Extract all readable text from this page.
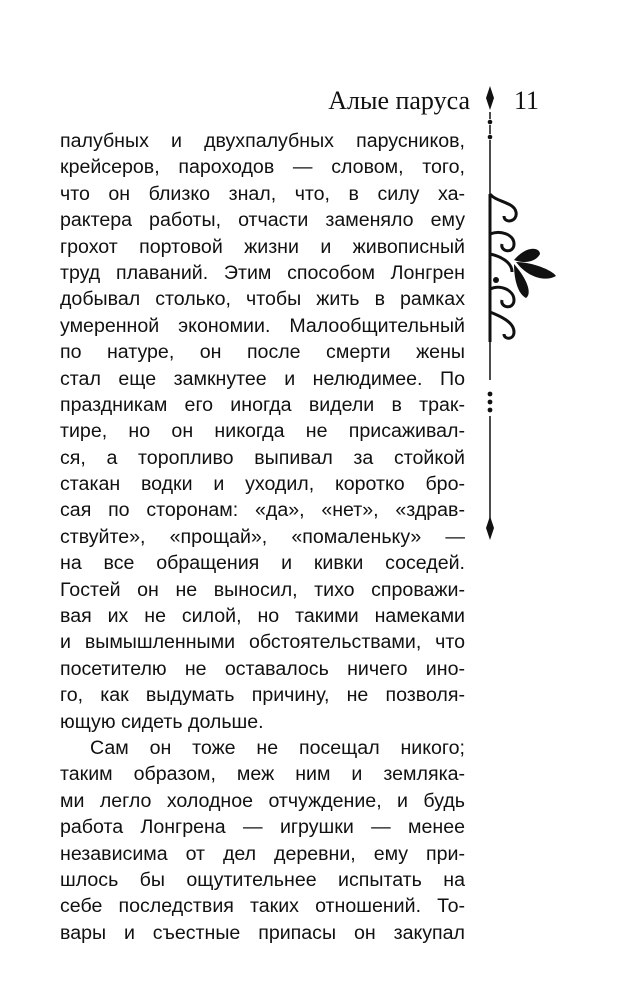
Алые паруса 11
палубных и двухпалубных парусников,
крейсеров, пароходов — словом, того,
что он близко знал, что, в силу ха-
рактера работы, отчасти заменяло ему
грохот портовой жизни и живописный
труд плаваний. Этим способом Лонгрен
добывал столько, чтобы жить в рамках
умеренной экономии. Малообщительный
по натуре, он после смерти жены
стал еще замкнутее и нелюдимее. По
праздникам его иногда видели в трак-
тире, но он никогда не присаживал-
ся, а торопливо выпивал за стойкой
стакан водки и уходил, коротко бро-
сая по сторонам: «да», «нет», «здрав-
ствуйте», «прощай», «помаленьку» —
на все обращения и кивки соседей.
Гостей он не выносил, тихо спроважи-
вая их не силой, но такими намеками
и вымышленными обстоятельствами, что
посетителю не оставалось ничего ино-
го, как выдумать причину, не позволя-
ющую сидеть дольше.
Сам он тоже не посещал никого;
таким образом, меж ним и земляка-
ми легло холодное отчуждение, и будь
работа Лонгрена — игрушки — менее
независима от дел деревни, ему при-
шлось бы ощутительнее испытать на
себе последствия таких отношений. То-
вары и съестные припасы он закупал
